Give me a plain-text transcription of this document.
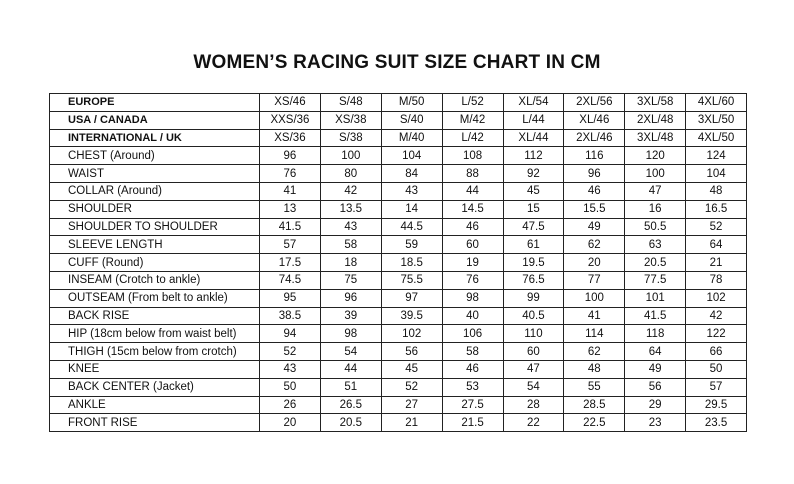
WOMEN’S RACING SUIT SIZE CHART IN CM
EUROPE	XS/46	S/48	M/50	L/52	XL/54	2XL/56	3XL/58	4XL/60
USA / CANADA	XXS/36	XS/38	S/40	M/42	L/44	XL/46	2XL/48	3XL/50
INTERNATIONAL / UK	XS/36	S/38	M/40	L/42	XL/44	2XL/46	3XL/48	4XL/50
CHEST (Around)	96	100	104	108	112	116	120	124
WAIST	76	80	84	88	92	96	100	104
COLLAR (Around)	41	42	43	44	45	46	47	48
SHOULDER	13	13.5	14	14.5	15	15.5	16	16.5
SHOULDER TO SHOULDER	41.5	43	44.5	46	47.5	49	50.5	52
SLEEVE LENGTH	57	58	59	60	61	62	63	64
CUFF (Round)	17.5	18	18.5	19	19.5	20	20.5	21
INSEAM (Crotch to ankle)	74.5	75	75.5	76	76.5	77	77.5	78
OUTSEAM (From belt to ankle)	95	96	97	98	99	100	101	102
BACK RISE	38.5	39	39.5	40	40.5	41	41.5	42
HIP (18cm below from waist belt)	94	98	102	106	110	114	118	122
THIGH (15cm below from crotch)	52	54	56	58	60	62	64	66
KNEE	43	44	45	46	47	48	49	50
BACK CENTER (Jacket)	50	51	52	53	54	55	56	57
ANKLE	26	26.5	27	27.5	28	28.5	29	29.5
FRONT RISE	20	20.5	21	21.5	22	22.5	23	23.5
